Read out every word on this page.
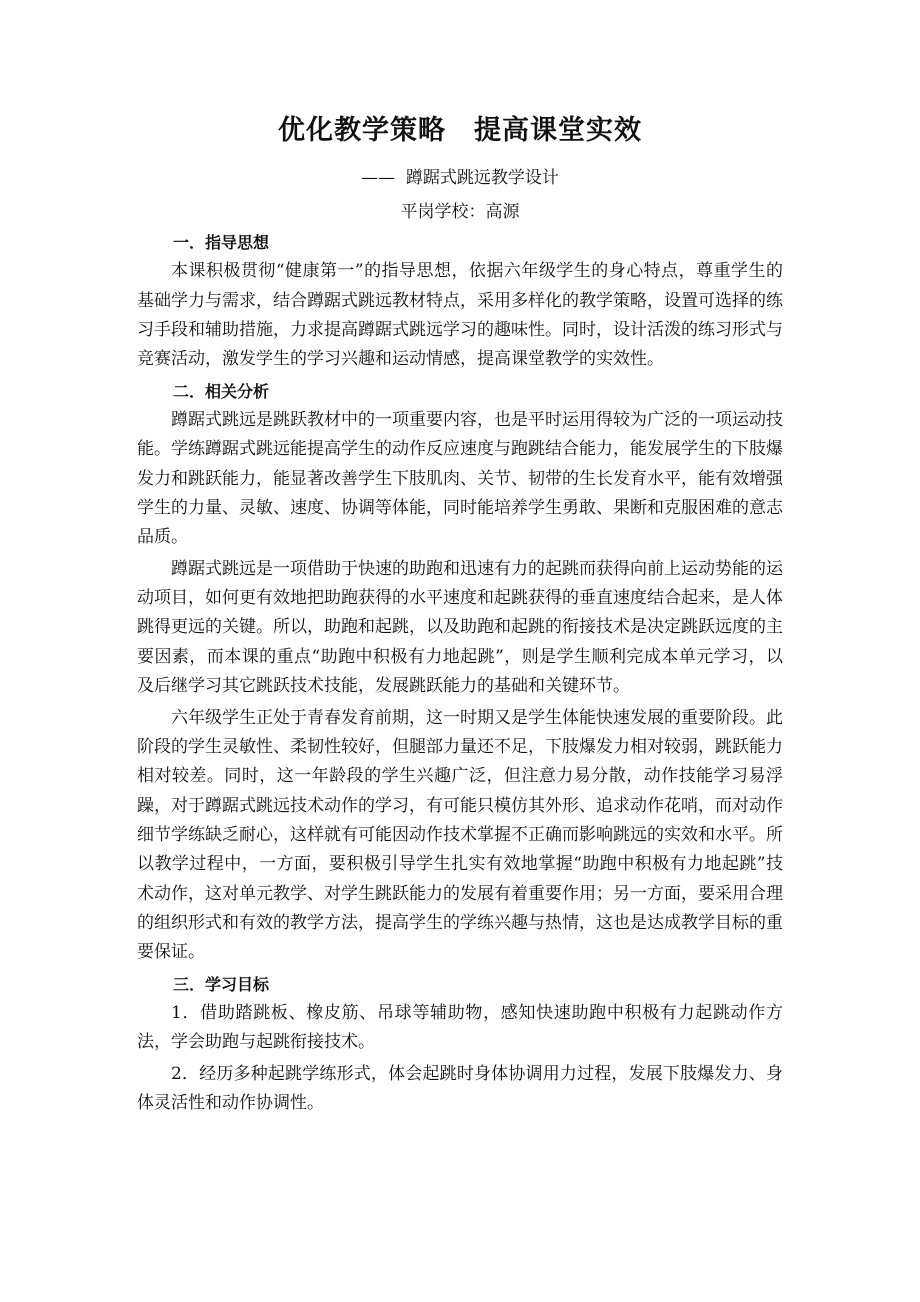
优化教学策略　提高课堂实效
——  蹲踞式跳远教学设计
平岗学校：高源
一．指导思想

本课积极贯彻“健康第一”的指导思想，依据六年级学生的身心特点，尊重学生的基础学力与需求，结合蹲踞式跳远教材特点，采用多样化的教学策略，设置可选择的练习手段和辅助措施，力求提高蹲踞式跳远学习的趣味性。同时，设计活泼的练习形式与竞赛活动，激发学生的学习兴趣和运动情感，提高课堂教学的实效性。

二．相关分析

蹲踞式跳远是跳跃教材中的一项重要内容，也是平时运用得较为广泛的一项运动技能。学练蹲踞式跳远能提高学生的动作反应速度与跑跳结合能力，能发展学生的下肢爆发力和跳跃能力，能显著改善学生下肢肌肉、关节、韧带的生长发育水平，能有效增强学生的力量、灵敏、速度、协调等体能，同时能培养学生勇敢、果断和克服困难的意志品质。

蹲踞式跳远是一项借助于快速的助跑和迅速有力的起跳而获得向前上运动势能的运动项目，如何更有效地把助跑获得的水平速度和起跳获得的垂直速度结合起来，是人体跳得更远的关键。所以，助跑和起跳，以及助跑和起跳的衔接技术是决定跳跃远度的主要因素，而本课的重点“助跑中积极有力地起跳”，则是学生顺利完成本单元学习，以及后继学习其它跳跃技术技能，发展跳跃能力的基础和关键环节。

六年级学生正处于青春发育前期，这一时期又是学生体能快速发展的重要阶段。此阶段的学生灵敏性、柔韧性较好，但腿部力量还不足，下肢爆发力相对较弱，跳跃能力相对较差。同时，这一年龄段的学生兴趣广泛，但注意力易分散，动作技能学习易浮躁，对于蹲踞式跳远技术动作的学习，有可能只模仿其外形、追求动作花哨，而对动作细节学练缺乏耐心，这样就有可能因动作技术掌握不正确而影响跳远的实效和水平。所以教学过程中，一方面，要积极引导学生扎实有效地掌握“助跑中积极有力地起跳”技术动作，这对单元教学、对学生跳跃能力的发展有着重要作用；另一方面，要采用合理的组织形式和有效的教学方法，提高学生的学练兴趣与热情，这也是达成教学目标的重要保证。

三．学习目标

1．借助踏跳板、橡皮筋、吊球等辅助物，感知快速助跑中积极有力起跳动作方法，学会助跑与起跳衔接技术。

2．经历多种起跳学练形式，体会起跳时身体协调用力过程，发展下肢爆发力、身体灵活性和动作协调性。
